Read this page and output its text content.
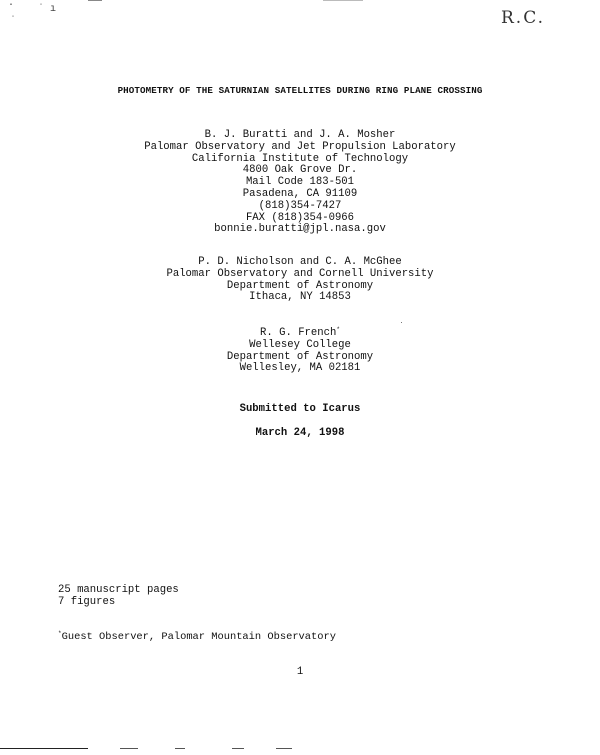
·
ˌ ˈ ı	R.C.
PHOTOMETRY OF THE SATURNIAN SATELLITES DURING RING PLANE CROSSING
B. J. Buratti and J. A. Mosher
Palomar Observatory and Jet Propulsion Laboratory
California Institute of Technology
4800 Oak Grove Dr.
Mail Code 183-501
Pasadena, CA 91109
(818)354-7427
FAX (818)354-0966
bonnie.buratti@jpl.nasa.gov
P. D. Nicholson and C. A. McGhee
Palomar Observatory and Cornell University
Department of Astronomy
Ithaca, NY 14853
R. G. French*
Wellesey College
Department of Astronomy
Wellesley, MA 02181
Submitted to Icarus
March 24, 1998
25 manuscript pages
7 figures
*Guest Observer, Palomar Mountain Observatory
1
